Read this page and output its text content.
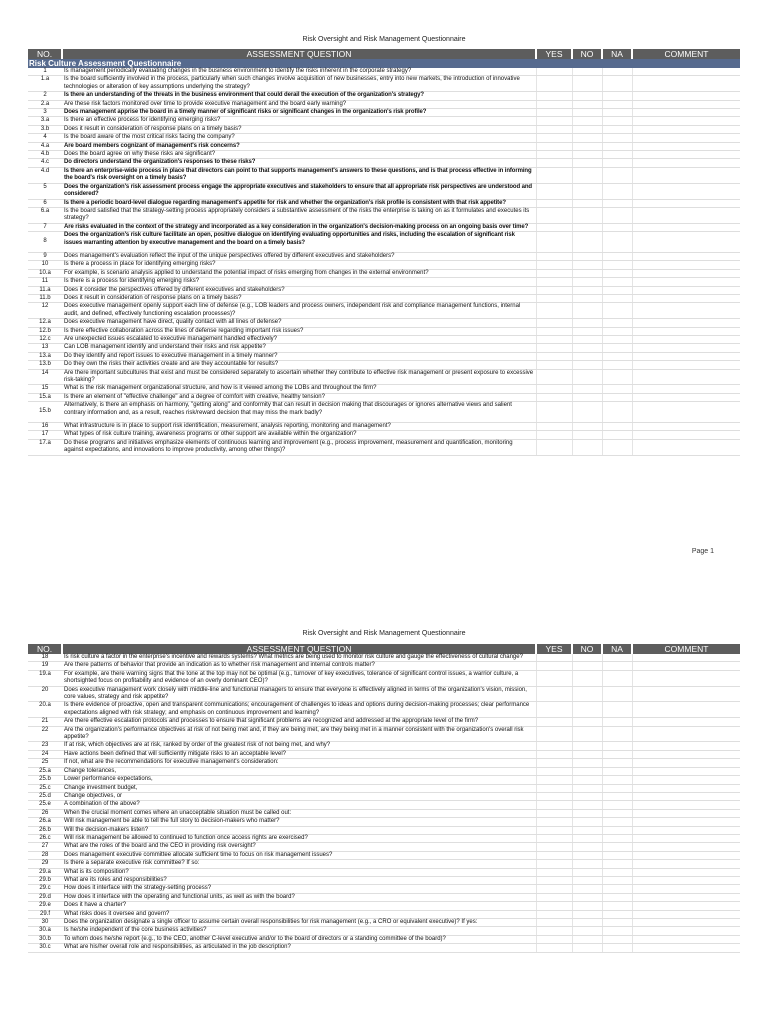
Risk Oversight and Risk Management Questionnaire
NO.	ASSESSMENT QUESTION	YES	NO	NA	COMMENT
Risk Culture Assessment Questionnaire					
1	Is management periodically evaluating changes in the business environment to identify the risks inherent in the corporate strategy?				
1.a	Is the board sufficiently involved in the process, particularly when such changes involve acquisition of new businesses, entry into new markets, the introduction of innovative technologies or alteration of key assumptions underlying the strategy?				
2	Is there an understanding of the threats in the business environment that could derail the execution of the organization's strategy?				
2.a	Are these risk factors monitored over time to provide executive management and the board early warning?				
3	Does management apprise the board in a timely manner of significant risks or significant changes in the organization's risk profile?				
3.a	Is there an effective process for identifying emerging risks?				
3.b	Does it result in consideration of response plans on a timely basis?				
4	Is the board aware of the most critical risks facing the company?				
4.a	Are board members cognizant of management's risk concerns?				
4.b	Does the board agree on why these risks are significant?				
4.c	Do directors understand the organization's responses to these risks?				
4.d	Is there an enterprise-wide process in place that directors can point to that supports management's answers to these questions, and is that process effective in informing the board's risk oversight on a timely basis?				
5	Does the organization's risk assessment process engage the appropriate executives and stakeholders to ensure that all appropriate risk perspectives are understood and considered?				
6	Is there a periodic board-level dialogue regarding management's appetite for risk and whether the organization's risk profile is consistent with that risk appetite?				
6.a	Is the board satisfied that the strategy-setting process appropriately considers a substantive assessment of the risks the enterprise is taking on as it formulates and executes its strategy?				
7	Are risks evaluated in the context of the strategy and incorporated as a key consideration in the organization's decision-making process on an ongoing basis over time?				
8	Does the organization's risk culture facilitate an open, positive dialogue on identifying evaluating opportunities and risks, including the escalation of significant risk issues warranting attention by executive management and the board on a timely basis?				
9	Does management's evaluation reflect the input of the unique perspectives offered by different executives and stakeholders?				
10	Is there a process in place for identifying emerging risks?				
10.a	For example, is scenario analysis applied to understand the potential impact of risks emerging from changes in the external environment?				
11	Is there is a process for identifying emerging risks?				
11.a	Does it consider the perspectives offered by different executives and stakeholders?				
11.b	Does it result in consideration of response plans on a timely basis?				
12	Does executive management openly support each line of defense (e.g., LOB leaders and process owners, independent risk and compliance management functions, internal audit, and defined, effectively functioning escalation processes)?				
12.a	Does executive management have direct, quality contact with all lines of defense?				
12.b	Is there effective collaboration across the lines of defense regarding important risk issues?				
12.c	Are unexpected issues escalated to executive management handled effectively?				
13	Can LOB management identify and understand their risks and risk appetite?				
13.a	Do they identify and report issues to executive management in a timely manner?				
13.b	Do they own the risks their activities create and are they accountable for results?				
14	Are there important subcultures that exist and must be considered separately to ascertain whether they contribute to effective risk management or present exposure to excessive risk-taking?				
15	What is the risk management organizational structure, and how is it viewed among the LOBs and throughout the firm?				
15.a	Is there an element of "effective challenge" and a degree of comfort with creative, healthy tension?				
15.b	Alternatively, is there an emphasis on harmony, "getting along" and conformity that can result in decision making that discourages or ignores alternative views and salient contrary information and, as a result, reaches risk/reward decision that may miss the mark badly?				
16	What infrastructure is in place to support risk identification, measurement, analysis reporting, monitoring and management?				
17	What types of risk culture training, awareness programs or other support are available within the organization?				
17.a	Do these programs and initiatives emphasize elements of continuous learning and improvement (e.g., process improvement, measurement and quantification, monitoring against expectations, and innovations to improve productivity, among other things)?				
Page 1
Risk Oversight and Risk Management Questionnaire
NO.	ASSESSMENT QUESTION	YES	NO	NA	COMMENT
18	Is risk culture a factor in the enterprise's incentive and rewards systems? What metrics are being used to monitor risk culture and gauge the effectiveness of cultural change?				
19	Are there patterns of behavior that provide an indication as to whether risk management and internal controls matter?				
19.a	For example, are there warning signs that the tone at the top may not be optimal (e.g., turnover of key executives, tolerance of significant control issues, a warrior culture, a shortsighted focus on profitability and evidence of an overly dominant CEO)?				
20	Does executive management work closely with middle-line and functional managers to ensure that everyone is effectively aligned in terms of the organization's vision, mission, core values, strategy and risk appetite?				
20.a	Is there evidence of proactive, open and transparent communications; encouragement of challenges to ideas and options during decision-making processes; clear performance expectations aligned with risk strategy; and emphasis on continuous improvement and learning?				
21	Are there effective escalation protocols and processes to ensure that significant problems are recognized and addressed at the appropriate level of the firm?				
22	Are the organization's performance objectives at risk of not being met and, if they are being met, are they being met in a manner consistent with the organization's overall risk appetite?				
23	If at risk, which objectives are at risk, ranked by order of the greatest risk of not being met, and why?				
24	Have actions been defined that will sufficiently mitigate risks to an acceptable level?				
25	If not, what are the recommendations for executive management's consideration:				
25.a	Change tolerances,				
25.b	Lower performance expectations,				
25.c	Change investment budget,				
25.d	Change objectives, or				
25.e	A combination of the above?				
26	When the crucial moment comes where an unacceptable situation must be called out:				
26.a	Will risk management be able to tell the full story to decision-makers who matter?				
26.b	Will the decision-makers listen?				
26.c	Will risk management be allowed to continued to function once access rights are exercised?				
27	What are the roles of the board and the CEO in providing risk oversight?				
28	Does management executive committee allocate sufficient time to focus on risk management issues?				
29	Is there a separate executive risk committee? If so:				
29.a	What is its composition?				
29.b	What are its roles and responsibilities?				
29.c	How does it interface with the strategy-setting process?				
29.d	How does it interface with the operating and functional units, as well as with the board?				
29.e	Does it have a charter?				
29.f	What risks does it oversee and govern?				
30	Does the organization designate a single officer to assume certain overall responsibilities for risk management (e.g., a CRO or equivalent executive)? If yes:				
30.a	Is he/she independent of the core business activities?				
30.b	To whom does he/she report (e.g., to the CEO, another C-level executive and/or to the board of directors or a standing committee of the board)?				
30.c	What are his/her overall role and responsibilities, as articulated in the job description?				
